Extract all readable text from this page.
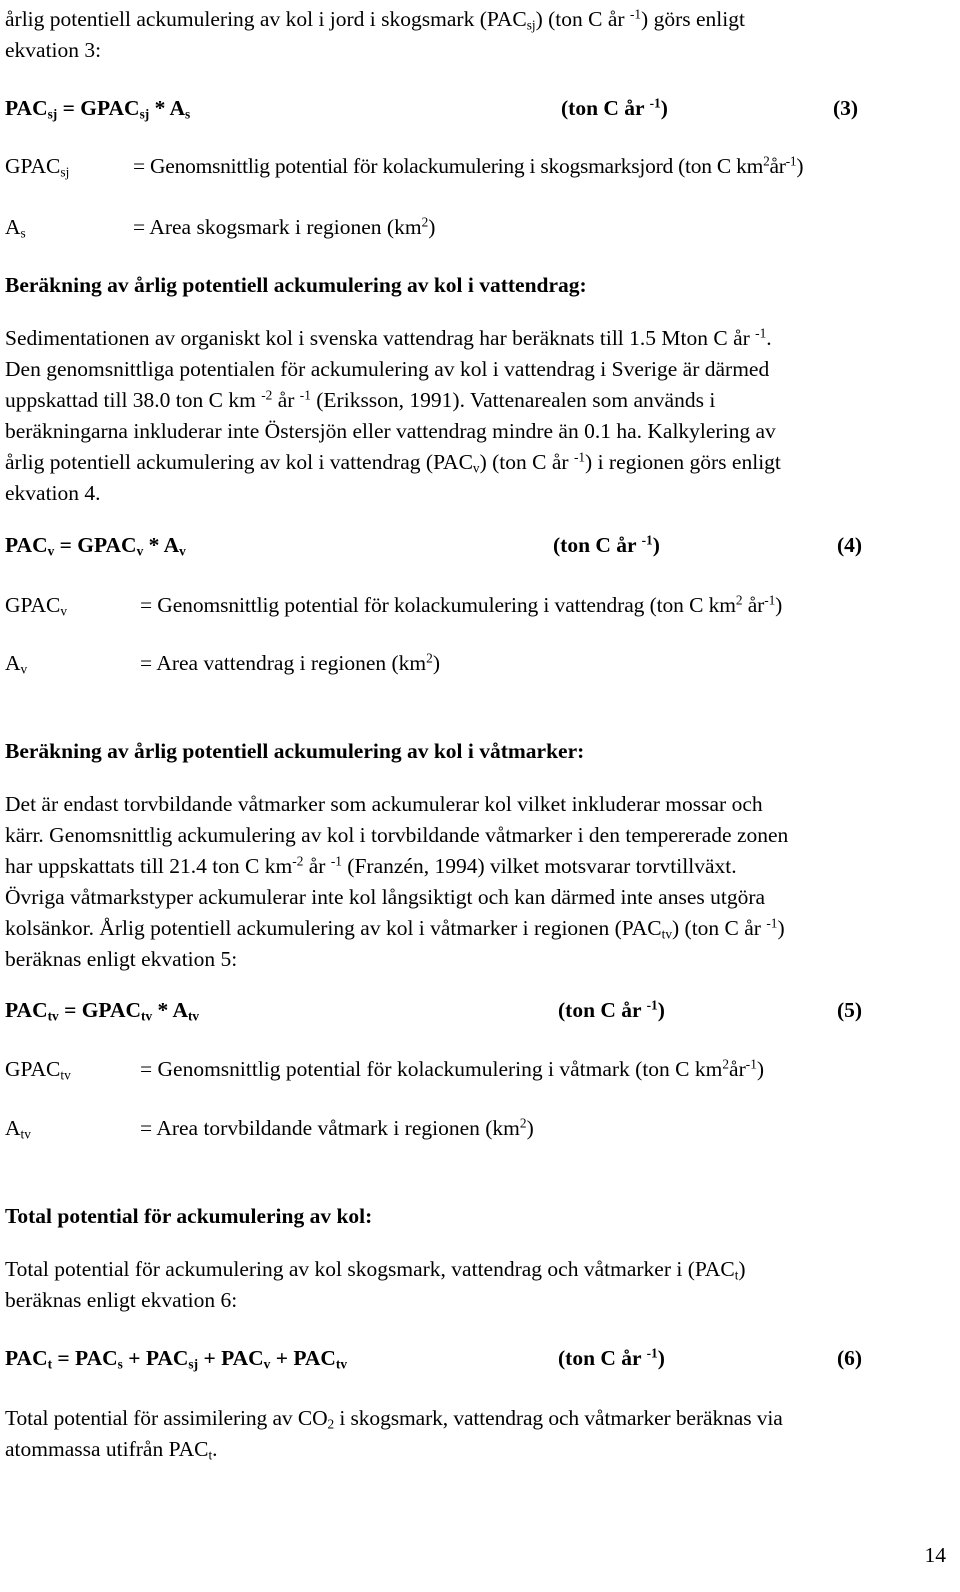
årlig potentiell ackumulering av kol i jord i skogsmark $(PAC_{sj})$ (ton C år $^{-1}$) görs enligt
ekvation 3:
$PAC_{sj}$ = $GPAC_{sj} * A_s$	(ton C år $^{-1}$)	(3)
$GPAC_{sj}$	= Genomsnittlig potential för kolackumulering i skogsmarksjord (ton C $km^2år^{-1}$)
$A_s$	= Area skogsmark i regionen $(km^2)$
Beräkning av årlig potentiell ackumulering av kol i vattendrag:
Sedimentationen av organiskt kol i svenska vattendrag har beräknats till 1.5 Mton C år $^{-1}$.
Den genomsnittliga potentialen för ackumulering av kol i vattendrag i Sverige är därmed
uppskattad till 38.0 ton C km $^{-2}$ år $^{-1}$ (Eriksson, 1991). Vattenarealen som används i
beräkningarna inkluderar inte Östersjön eller vattendrag mindre än 0.1 ha. Kalkylering av
årlig potentiell ackumulering av kol i vattendrag $(PAC_v)$ (ton C år $^{-1}$) i regionen görs enligt
ekvation 4.
$PAC_v$ = $GPAC_v * A_v$	(ton C år $^{-1}$)	(4)
$GPAC_v$	= Genomsnittlig potential för kolackumulering i vattendrag (ton C $km^2$ $år^{-1}$)
$A_v$	= Area vattendrag i regionen $(km^2)$
Beräkning av årlig potentiell ackumulering av kol i våtmarker:
Det är endast torvbildande våtmarker som ackumulerar kol vilket inkluderar mossar och
kärr. Genomsnittlig ackumulering av kol i torvbildande våtmarker i den tempererade zonen
har uppskattats till 21.4 ton C $km^{-2}$ år $^{-1}$ (Franzén, 1994) vilket motsvarar torvtillväxt.
Övriga våtmarkstyper ackumulerar inte kol långsiktigt och kan därmed inte anses utgöra
kolsänkor. Årlig potentiell ackumulering av kol i våtmarker i regionen $(PAC_{tv})$ (ton C år $^{-1}$)
beräknas enligt ekvation 5:
$PAC_{tv}$ = $GPAC_{tv} * A_{tv}$	(ton C år $^{-1}$)	(5)
$GPAC_{tv}$	= Genomsnittlig potential för kolackumulering i våtmark (ton C $km^2år^{-1}$)
$A_{tv}$	= Area torvbildande våtmark i regionen $(km^2)$
Total potential för ackumulering av kol:
Total potential för ackumulering av kol skogsmark, vattendrag och våtmarker i $(PAC_t)$
beräknas enligt ekvation 6:
$PAC_t = PAC_s + PAC_{sj} + PAC_v + PAC_{tv}$	(ton C år $^{-1}$)	(6)
Total potential för assimilering av $CO_2$ i skogsmark, vattendrag och våtmarker beräknas via
atommassa utifrån $PAC_t$.
14
